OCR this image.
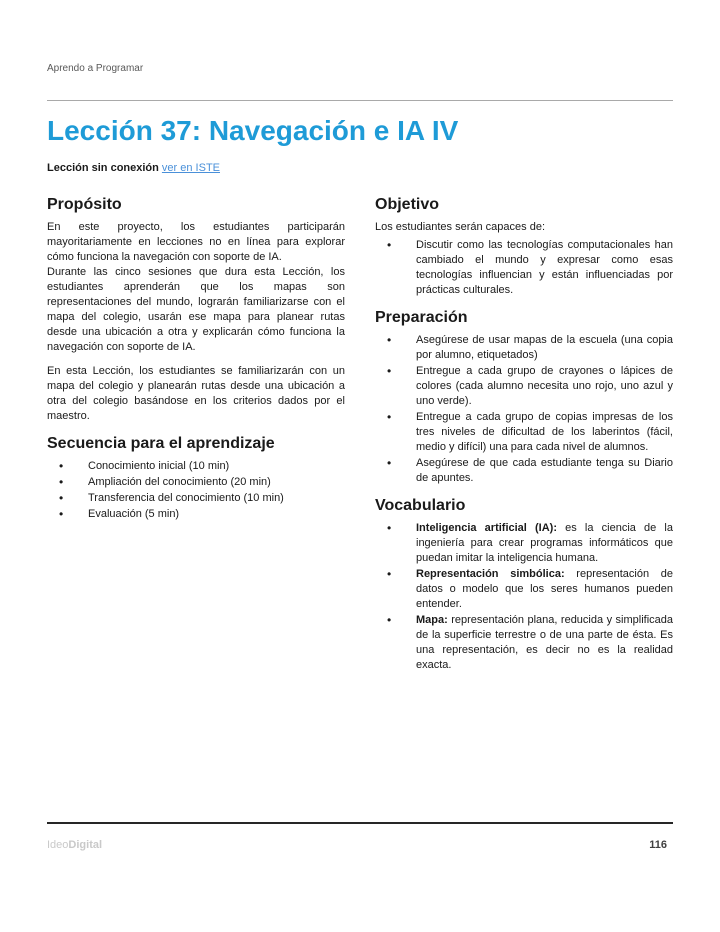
Aprendo a Programar
Lección 37: Navegación e IA IV

Lección sin conexión ver en ISTE

Propósito

En este proyecto, los estudiantes participarán mayoritariamente en lecciones no en línea para explorar cómo funciona la navegación con soporte de IA.

Durante las cinco sesiones que dura esta Lección, los estudiantes aprenderán que los mapas son representaciones del mundo, lograrán familiarizarse con el mapa del colegio, usarán ese mapa para planear rutas desde una ubicación a otra y explicarán cómo funciona la navegación con soporte de IA.

En esta Lección, los estudiantes se familiarizarán con un mapa del colegio y planearán rutas desde una ubicación a otra del colegio basándose en los criterios dados por el maestro.

Secuencia para el aprendizaje
• Conocimiento inicial (10 min)
• Ampliación del conocimiento (20 min)
• Transferencia del conocimiento (10 min)
• Evaluación (5 min)
Objetivo

Los estudiantes serán capaces de:

• Discutir como las tecnologías computacionales han cambiado el mundo y expresar como esas tecnologías influencian y están influenciadas por prácticas culturales.
Preparación
• Asegúrese de usar mapas de la escuela (una copia por alumno, etiquetados)
• Entregue a cada grupo de crayones o lápices de colores (cada alumno necesita uno rojo, uno azul y uno verde).
• Entregue a cada grupo de copias impresas de los tres niveles de dificultad de los laberintos (fácil, medio y difícil) una para cada nivel de alumnos.
• Asegúrese de que cada estudiante tenga su Diario de apuntes.
Vocabulario
• Inteligencia artificial (IA): es la ciencia de la ingeniería para crear programas informáticos que puedan imitar la inteligencia humana.
• Representación simbólica: representación de datos o modelo que los seres humanos pueden entender.
• Mapa: representación plana, reducida y simplificada de la superficie terrestre o de una parte de ésta. Es una representación, es decir no es la realidad exacta.
IdeoDigital	116
